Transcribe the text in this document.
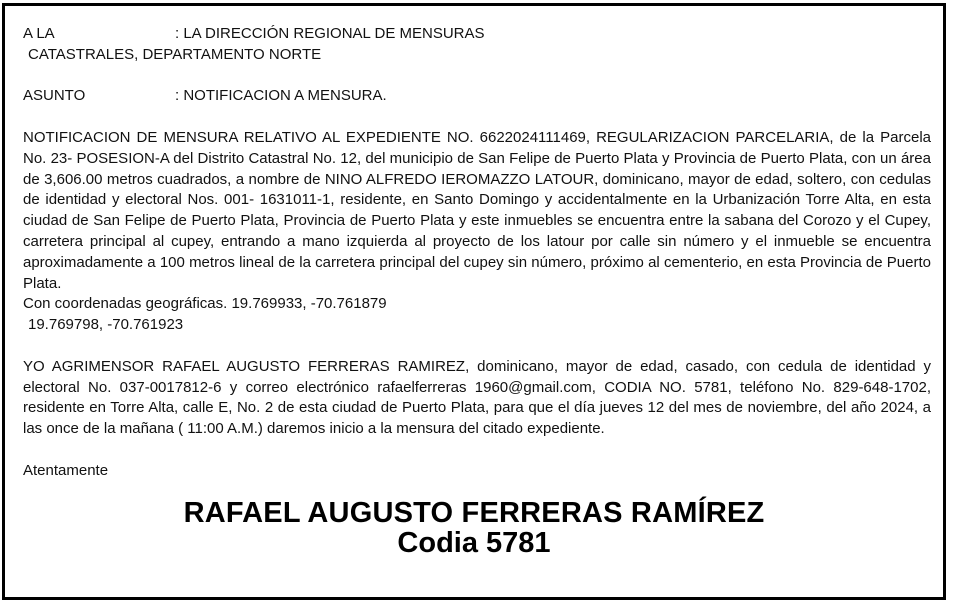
A LA	: LA DIRECCIÓN REGIONAL DE MENSURAS
CATASTRALES, DEPARTAMENTO NORTE
ASUNTO	: NOTIFICACION A MENSURA.

NOTIFICACION DE MENSURA RELATIVO AL EXPEDIENTE NO. 6622024111469, REGULARIZACION PARCELARIA, de la Parcela No. 23- POSESION-A del Distrito Catastral No. 12, del municipio de San Felipe de Puerto Plata y Provincia de Puerto Plata, con un área de 3,606.00 metros cuadrados, a nombre de NINO ALFREDO IEROMAZZO LATOUR, dominicano, mayor de edad, soltero, con cedulas de identidad y electoral Nos. 001- 1631011-1, residente, en Santo Domingo y accidentalmente en la Urbanización Torre Alta, en esta ciudad de San Felipe de Puerto Plata, Provincia de Puerto Plata y este inmuebles se encuentra entre la sabana del Corozo y el Cupey, carretera principal al cupey, entrando a mano izquierda al proyecto de los latour por calle sin número y el inmueble se encuentra aproximadamente a 100 metros lineal de la carretera principal del cupey sin número, próximo al cementerio, en esta Provincia de Puerto Plata.

Con coordenadas geográficas. 19.769933, -70.761879
19.769798, -70.761923

YO AGRIMENSOR RAFAEL AUGUSTO FERRERAS RAMIREZ, dominicano, mayor de edad, casado, con cedula de identidad y electoral No. 037-0017812-6 y correo electrónico rafaelferreras 1960@gmail.com, CODIA NO. 5781, teléfono No. 829-648-1702, residente en Torre Alta, calle E, No. 2 de esta ciudad de Puerto Plata, para que el día jueves 12 del mes de noviembre, del año 2024, a las once de la mañana ( 11:00 A.M.) daremos inicio a la mensura del citado expediente.

Atentamente
RAFAEL AUGUSTO FERRERAS RAMÍREZ
Codia 5781
